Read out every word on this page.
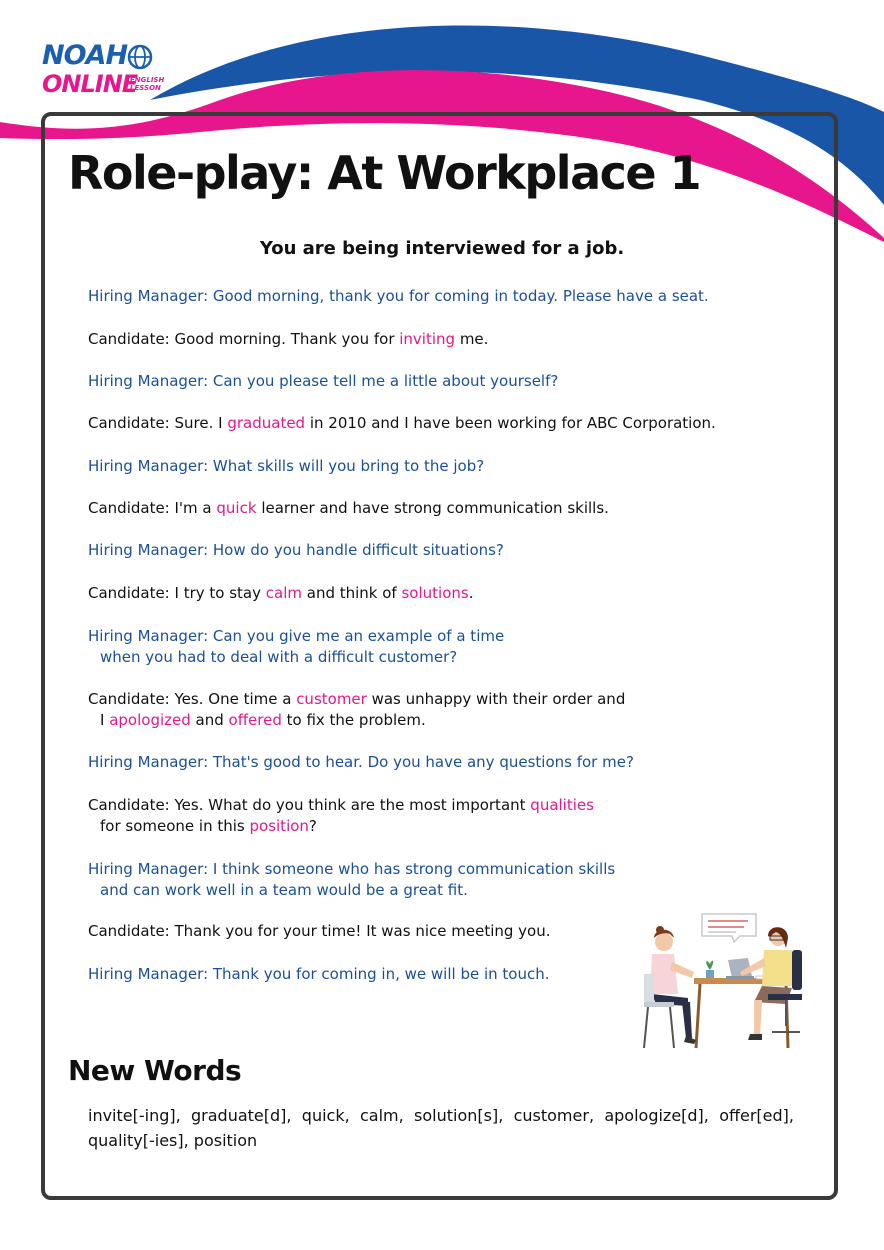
NOAH
ONLINE
ENGLISH LESSON
Role-play: At Workplace 1
You are being interviewed for a job.
Hiring Manager: Good morning, thank you for coming in today. Please have a seat.
Candidate: Good morning. Thank you for inviting me.
Hiring Manager: Can you please tell me a little about yourself?
Candidate: Sure. I graduated in 2010 and I have been working for ABC Corporation.
Hiring Manager: What skills will you bring to the job?
Candidate: I'm a quick learner and have strong communication skills.
Hiring Manager: How do you handle difficult situations?
Candidate: I try to stay calm and think of solutions.
Hiring Manager: Can you give me an example of a time
when you had to deal with a difficult customer?
Candidate: Yes. One time a customer was unhappy with their order and
I apologized and offered to fix the problem.
Hiring Manager: That's good to hear. Do you have any questions for me?
Candidate: Yes. What do you think are the most important qualities
for someone in this position?
Hiring Manager: I think someone who has strong communication skills
and can work well in a team would be a great fit.
Candidate: Thank you for your time! It was nice meeting you.
Hiring Manager: Thank you for coming in, we will be in touch.
New Words
invite[-ing], graduate[d], quick, calm, solution[s], customer, apologize[d], offer[ed], quality[-ies], position
